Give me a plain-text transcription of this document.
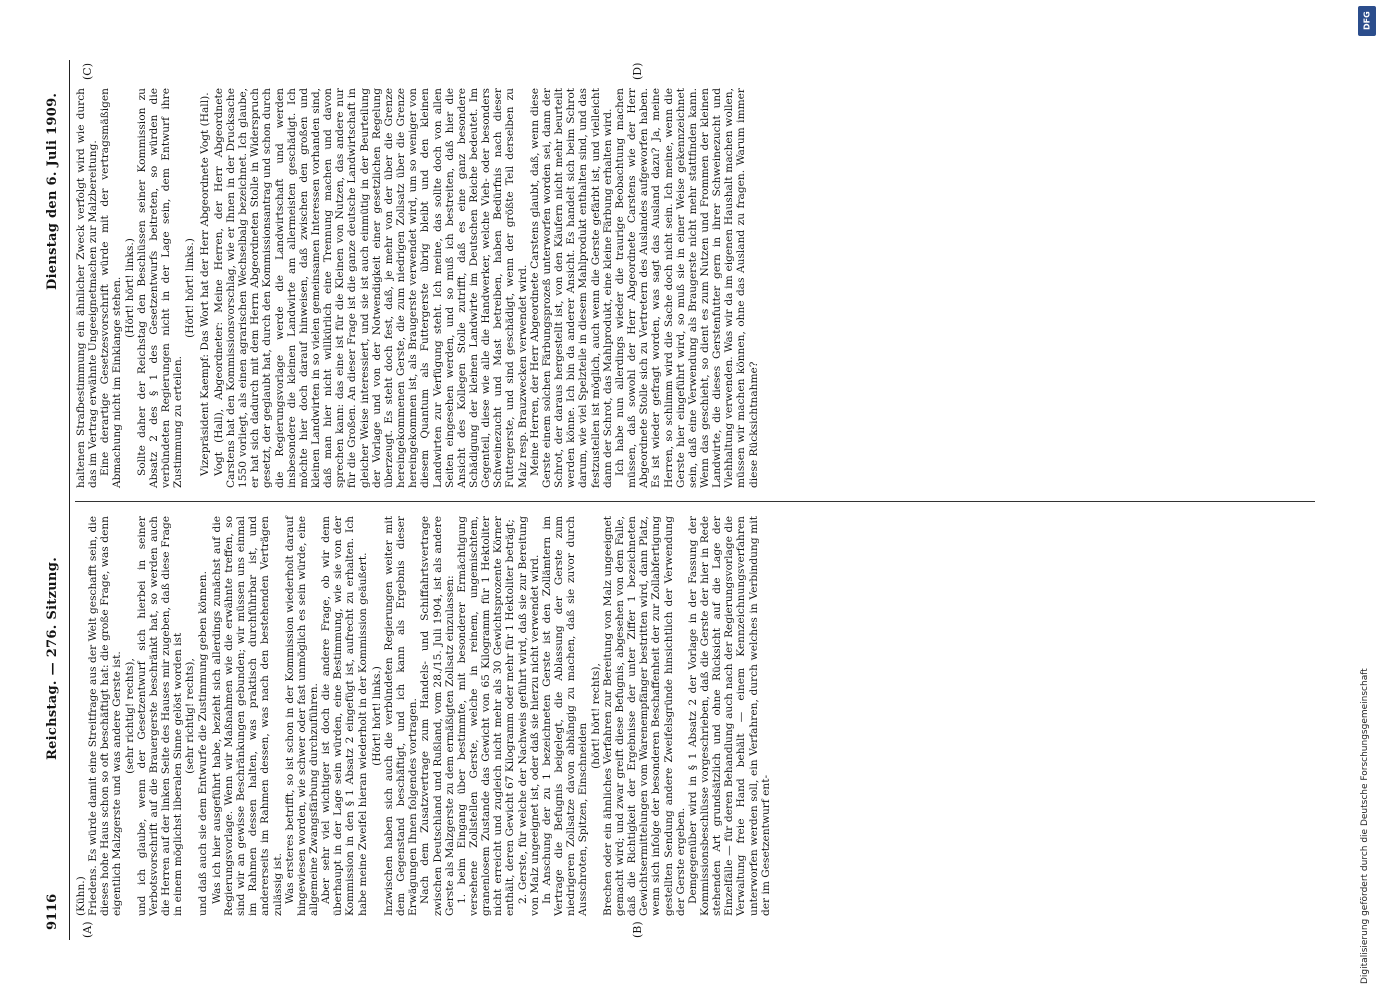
9116
Reichstag. — 276. Sitzung.
Dienstag den 6. Juli 1909.
(A)	(B)
(C)	(D)

(Kühn.) Friedens. Es würde damit eine Streitfrage aus der Welt geschafft sein, die dieses hohe Haus schon so oft beschäftigt hat: die große Frage, was denn eigentlich Malzgerste und was andere Gerste ist. (sehr richtig! rechts), und ich glaube, wenn der Gesetzentwurf sich hierbei in seiner Verbotsvorschrift auf die Brauergerste beschränkt hat, so werden auch die Herren auf der linken Seite des Hauses mir zugeben, daß diese Frage in einem möglichst liberalen Sinne gelöst worden ist (sehr richtig! rechts), und daß auch sie dem Entwurfe die Zustimmung geben können. Was ich hier ausgeführt habe, bezieht sich allerdings zunächst auf die Regierungsvorlage. Wenn wir Maßnahmen wie die erwähnte treffen, so sind wir an gewisse Beschränkungen gebunden; wir müssen uns einmal im Rahmen dessen halten, was praktisch durchführbar ist, und andererseits im Rahmen dessen, was nach den bestehenden Verträgen zulässig ist. Was ersteres betrifft, so ist schon in der Kommission wiederholt darauf hingewiesen worden, wie schwer oder fast unmöglich es sein würde, eine allgemeine Zwangsfärbung durchzuführen. Aber sehr viel wichtiger ist doch die andere Frage, ob wir denn überhaupt in der Lage sein würden, eine Bestimmung, wie sie von der Kommission in den § 1 Absatz 2 eingefügt ist, aufrecht zu erhalten. Ich habe meine Zweifel hieran wiederholt in der Kommission geäußert. (Hört! hört! links.) Inzwischen haben sich auch die verbündeten Regierungen weiter mit dem Gegenstand beschäftigt, und ich kann als Ergebnis dieser Erwägungen Ihnen folgendes vortragen. Nach dem Zusatzvertrage zum Handels- und Schiffahrtsvertrage zwischen Deutschland und Rußland, vom 28./15. Juli 1904, ist als andere Gerste als Malzgerste zu dem ermäßigten Zollsatz einzulassen: 1. beim Eingang über bestimmte, mit besonderer Ermächtigung versehene Zollstellen Gerste, welche in reinem, ungemischtem, granenlosem Zustande das Gewicht von 65 Kilogramm für 1 Hektoliter nicht erreicht und zugleich nicht mehr als 30 Gewichtsprozente Körner enthält, deren Gewicht 67 Kilogramm oder mehr für 1 Hektoliter beträgt; 2. Gerste, für welche der Nachweis geführt wird, daß sie zur Bereitung von Malz ungeeignet ist, oder daß sie hierzu nicht verwendet wird. In Anschung der zu 1 bezeichneten Gerste ist den Zollämtern im Vertrage die Befugnis beigelegt, die Ablassung der Gerste zum niedrigeren Zollsatze davon abhängig zu machen, daß sie zuvor durch Ausschroten, Spitzen, Einschneiden

(hört! hört! rechts), Brechen oder ein ähnliches Verfahren zur Bereitung von Malz ungeeignet gemacht wird; und zwar greift diese Befugnis, abgesehen von dem Falle, daß die Richtigkeit der Ergebnisse der unter Ziffer 1 bezeichneten Gewichtsermittelungen vom Warenempfänger bestritten wird, dann Platz, wenn sich infolge der besonderen Beschaffenheit der zur Zollabfertigung gestellten Sendung andere Zweifelsgründe hinsichtlich der Verwendung der Gerste ergeben. Demgegenüber wird in § 1 Absatz 2 der Vorlage in der Fassung der Kommissionsbeschlüsse vorgeschrieben, daß die Gerste der hier in Rede stehenden Art grundsätzlich und ohne Rücksicht auf die Lage der Einzelfälle — für deren Behandlung auch nach der Regierungsvorlage die Verwaltung freie Hand behält — einem Kennzeichnungsverfahren unterworfen werden soll, ein Verfahren, durch welches in Verbindung mit der im Gesetzentwurf ent-

haltenen Strafbestimmung ein ähnlicher Zweck verfolgt wird wie durch das im Vertrag erwähnte Ungeeignetmachen zur Malzbereitung. Eine derartige Gesetzesvorschrift würde mit der vertragsmäßigen Abmachung nicht im Einklange stehen. (Hört! hört! links.) Sollte daher der Reichstag den Beschlüssen seiner Kommission zu Absatz 2 des § 1 des Gesetzentwurfs beitreten, so würden die verbündeten Regierungen nicht in der Lage sein, dem Entwurf ihre Zustimmung zu erteilen.

(Hört! hört! links.) Vizepräsident Kaempf: Das Wort hat der Herr Abgeordnete Vogt (Hall). Vogt (Hall), Abgeordneter: Meine Herren, der Herr Abgeordnete Carstens hat den Kommissionsvorschlag, wie er Ihnen in der Drucksache 1550 vorliegt, als einen agrarischen Wechselbalg bezeichnet. Ich glaube, er hat sich dadurch mit dem Herrn Abgeordneten Stolle in Widerspruch gesetzt, der geglaubt hat, durch den Kommissionsantrag und schon durch die Regierungsvorlage werde die Landwirtschaft und werden insbesondere die kleinen Landwirte am allermeisten geschädigt. Ich möchte hier doch darauf hinweisen, daß zwischen den großen und kleinen Landwirten in so vielen gemeinsamen Interessen vorhanden sind, daß man hier nicht willkürlich eine Trennung machen und davon sprechen kann: das eine ist für die Kleinen von Nutzen, das andere nur für die Großen. An dieser Frage ist die ganze deutsche Landwirtschaft in gleicher Weise interessiert, und sie ist auch einmütig in der Beurteilung der Vorlage und von der Notwendigkeit einer gesetzlichen Regelung überzeugt. Es steht doch fest, daß, je mehr von der über die Grenze hereingekommenen Gerste, die zum niedrigen Zollsatz über die Grenze hereingekommen ist, als Braugerste verwendet wird, um so weniger von diesem Quantum als Futtergerste übrig bleibt und den kleinen Landwirten zur Verfügung steht. Ich meine, das sollte doch von allen Seiten eingesehen werden, und so muß ich bestreiten, daß hier die Ansicht des Kollegen Stolle zutrifft, daß es eine ganz besondere Schädigung der kleinen Landwirte im Deutschen Reiche bedeutet. Im Gegenteil, diese wie alle die Handwerker, welche Vieh- oder besonders Schweinezucht und Mast betreiben, haben Bedürfnis nach dieser Futtergerste, und sind geschädigt, wenn der größte Teil derselben zu Malz resp. Brauzwecken verwendet wird. Meine Herren, der Herr Abgeordnete Carstens glaubt, daß, wenn diese Gerste einem solchen Färbungsprozeß unterworfen worden sei, dann der Schrot, der daraus hergestellt ist, von den Käufern nicht mehr beurteilt werden könne. Ich bin da anderer Ansicht. Es handelt sich beim Schrot darum, wie viel Spelzteile in diesem Mahlprodukt enthalten sind, und das festzustellen ist möglich, auch wenn die Gerste gefärbt ist, und vielleicht dann der Schrot, das Mahlprodukt, eine kleine Färbung erhalten wird. Ich habe nun allerdings wieder die traurige Beobachtung machen müssen, daß sowohl der Herr Abgeordnete Carstens wie der Herr Abgeordnete Stolle sich zu Vertretern des Auslandes aufgeworfen haben. Es ist wieder gefragt worden, was sagt das Ausland dazu? Ja, meine Herren, so schlimm wird die Sache doch nicht sein. Ich meine, wenn die Gerste hier eingeführt wird, so muß sie in einer Weise gekennzeichnet sein, daß eine Verwendung als Braugerste nicht mehr stattfinden kann. Wenn das geschieht, so dient es zum Nutzen und Frommen der kleinen Landwirte, die dieses Gerstenfutter gern in ihrer Schweinezucht und Viehhaltung verwenden. Was wir da im eigenen Haushalt machen wollen, müssen wir machen können, ohne das Ausland zu fragen. Warum immer diese Rücksichtnahme?

DFG
Digitalisierung gefördert durch die Deutsche Forschungsgemeinschaft
